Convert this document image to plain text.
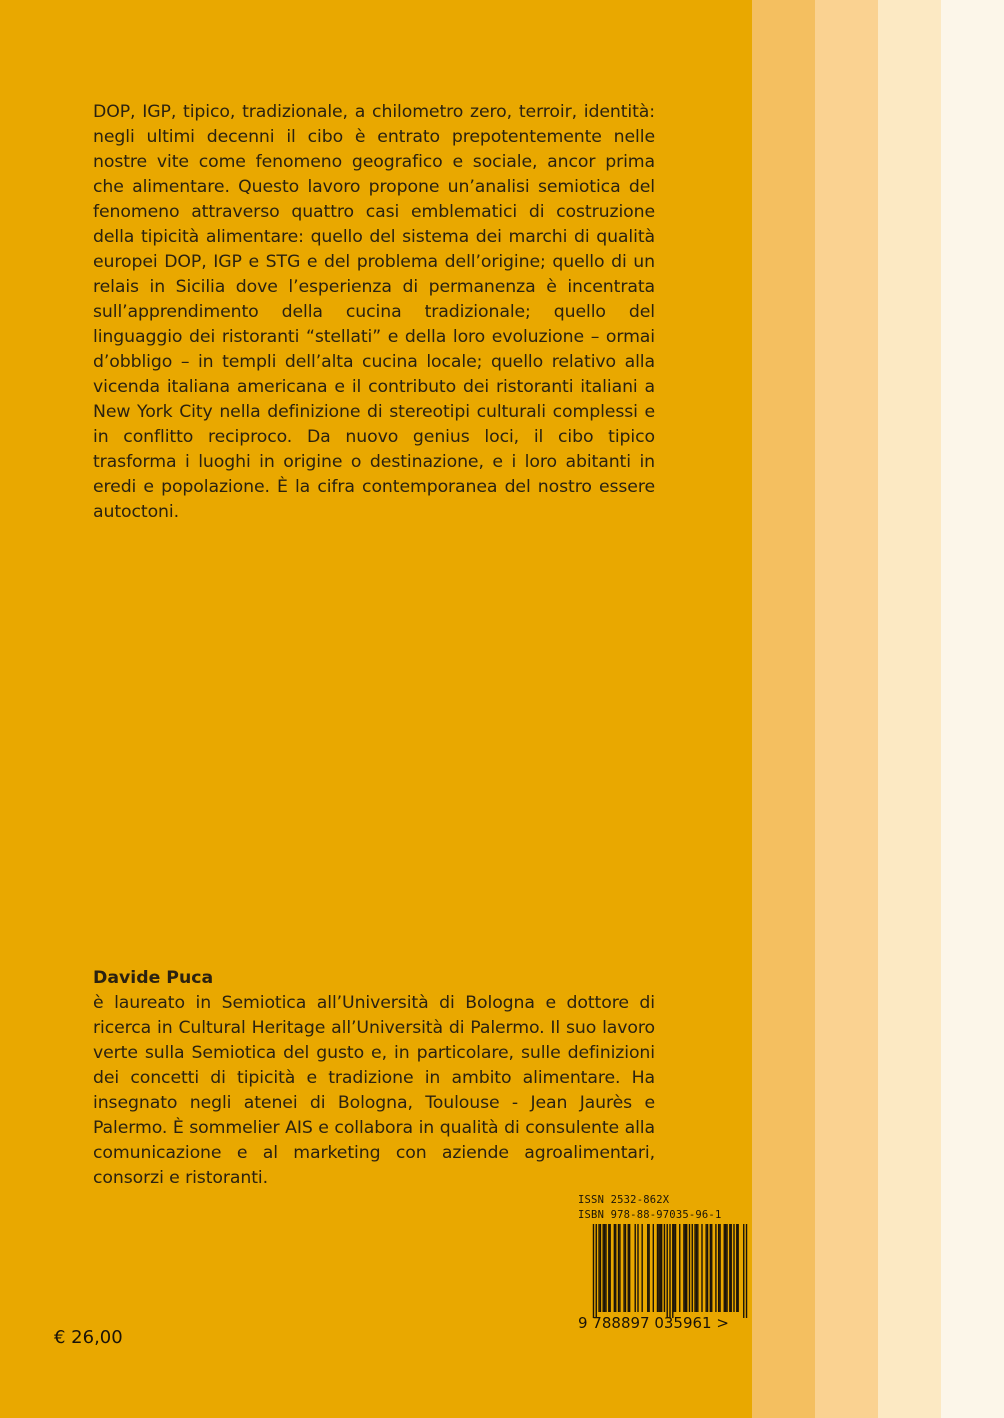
DOP, IGP, tipico, tradizionale, a chilometro zero, terroir, identità: negli ultimi decenni il cibo è entrato prepotentemente nelle nostre vite come fenomeno geografico e sociale, ancor prima che alimentare. Questo lavoro propone un’analisi semiotica del fenomeno attraverso quattro casi emblematici di costruzione della tipicità alimentare: quello del sistema dei marchi di qualità europei DOP, IGP e STG e del problema dell’origine; quello di un relais in Sicilia dove l’esperienza di permanenza è incentrata sull’apprendimento della cucina tradizionale; quello del linguaggio dei ristoranti “stellati” e della loro evoluzione – ormai d’obbligo – in templi dell’alta cucina locale; quello relativo alla vicenda italiana americana e il contributo dei ristoranti italiani a New York City nella definizione di stereotipi culturali complessi e in conflitto reciproco. Da nuovo genius loci, il cibo tipico trasforma i luoghi in origine o destinazione, e i loro abitanti in eredi e popolazione. È la cifra contemporanea del nostro essere autoctoni.

Davide Puca

è laureato in Semiotica all’Università di Bologna e dottore di ricerca in Cultural Heritage all’Università di Palermo. Il suo lavoro verte sulla Semiotica del gusto e, in particolare, sulle definizioni dei concetti di tipicità e tradizione in ambito alimentare. Ha insegnato negli atenei di Bologna, Toulouse - Jean Jaurès e Palermo. È sommelier AIS e collabora in qualità di consulente alla comunicazione e al marketing con aziende agroalimentari, consorzi e ristoranti.

ISSN 2532-862X
ISBN 978-88-97035-96-1
9 788897 035961 >
€ 26,00
